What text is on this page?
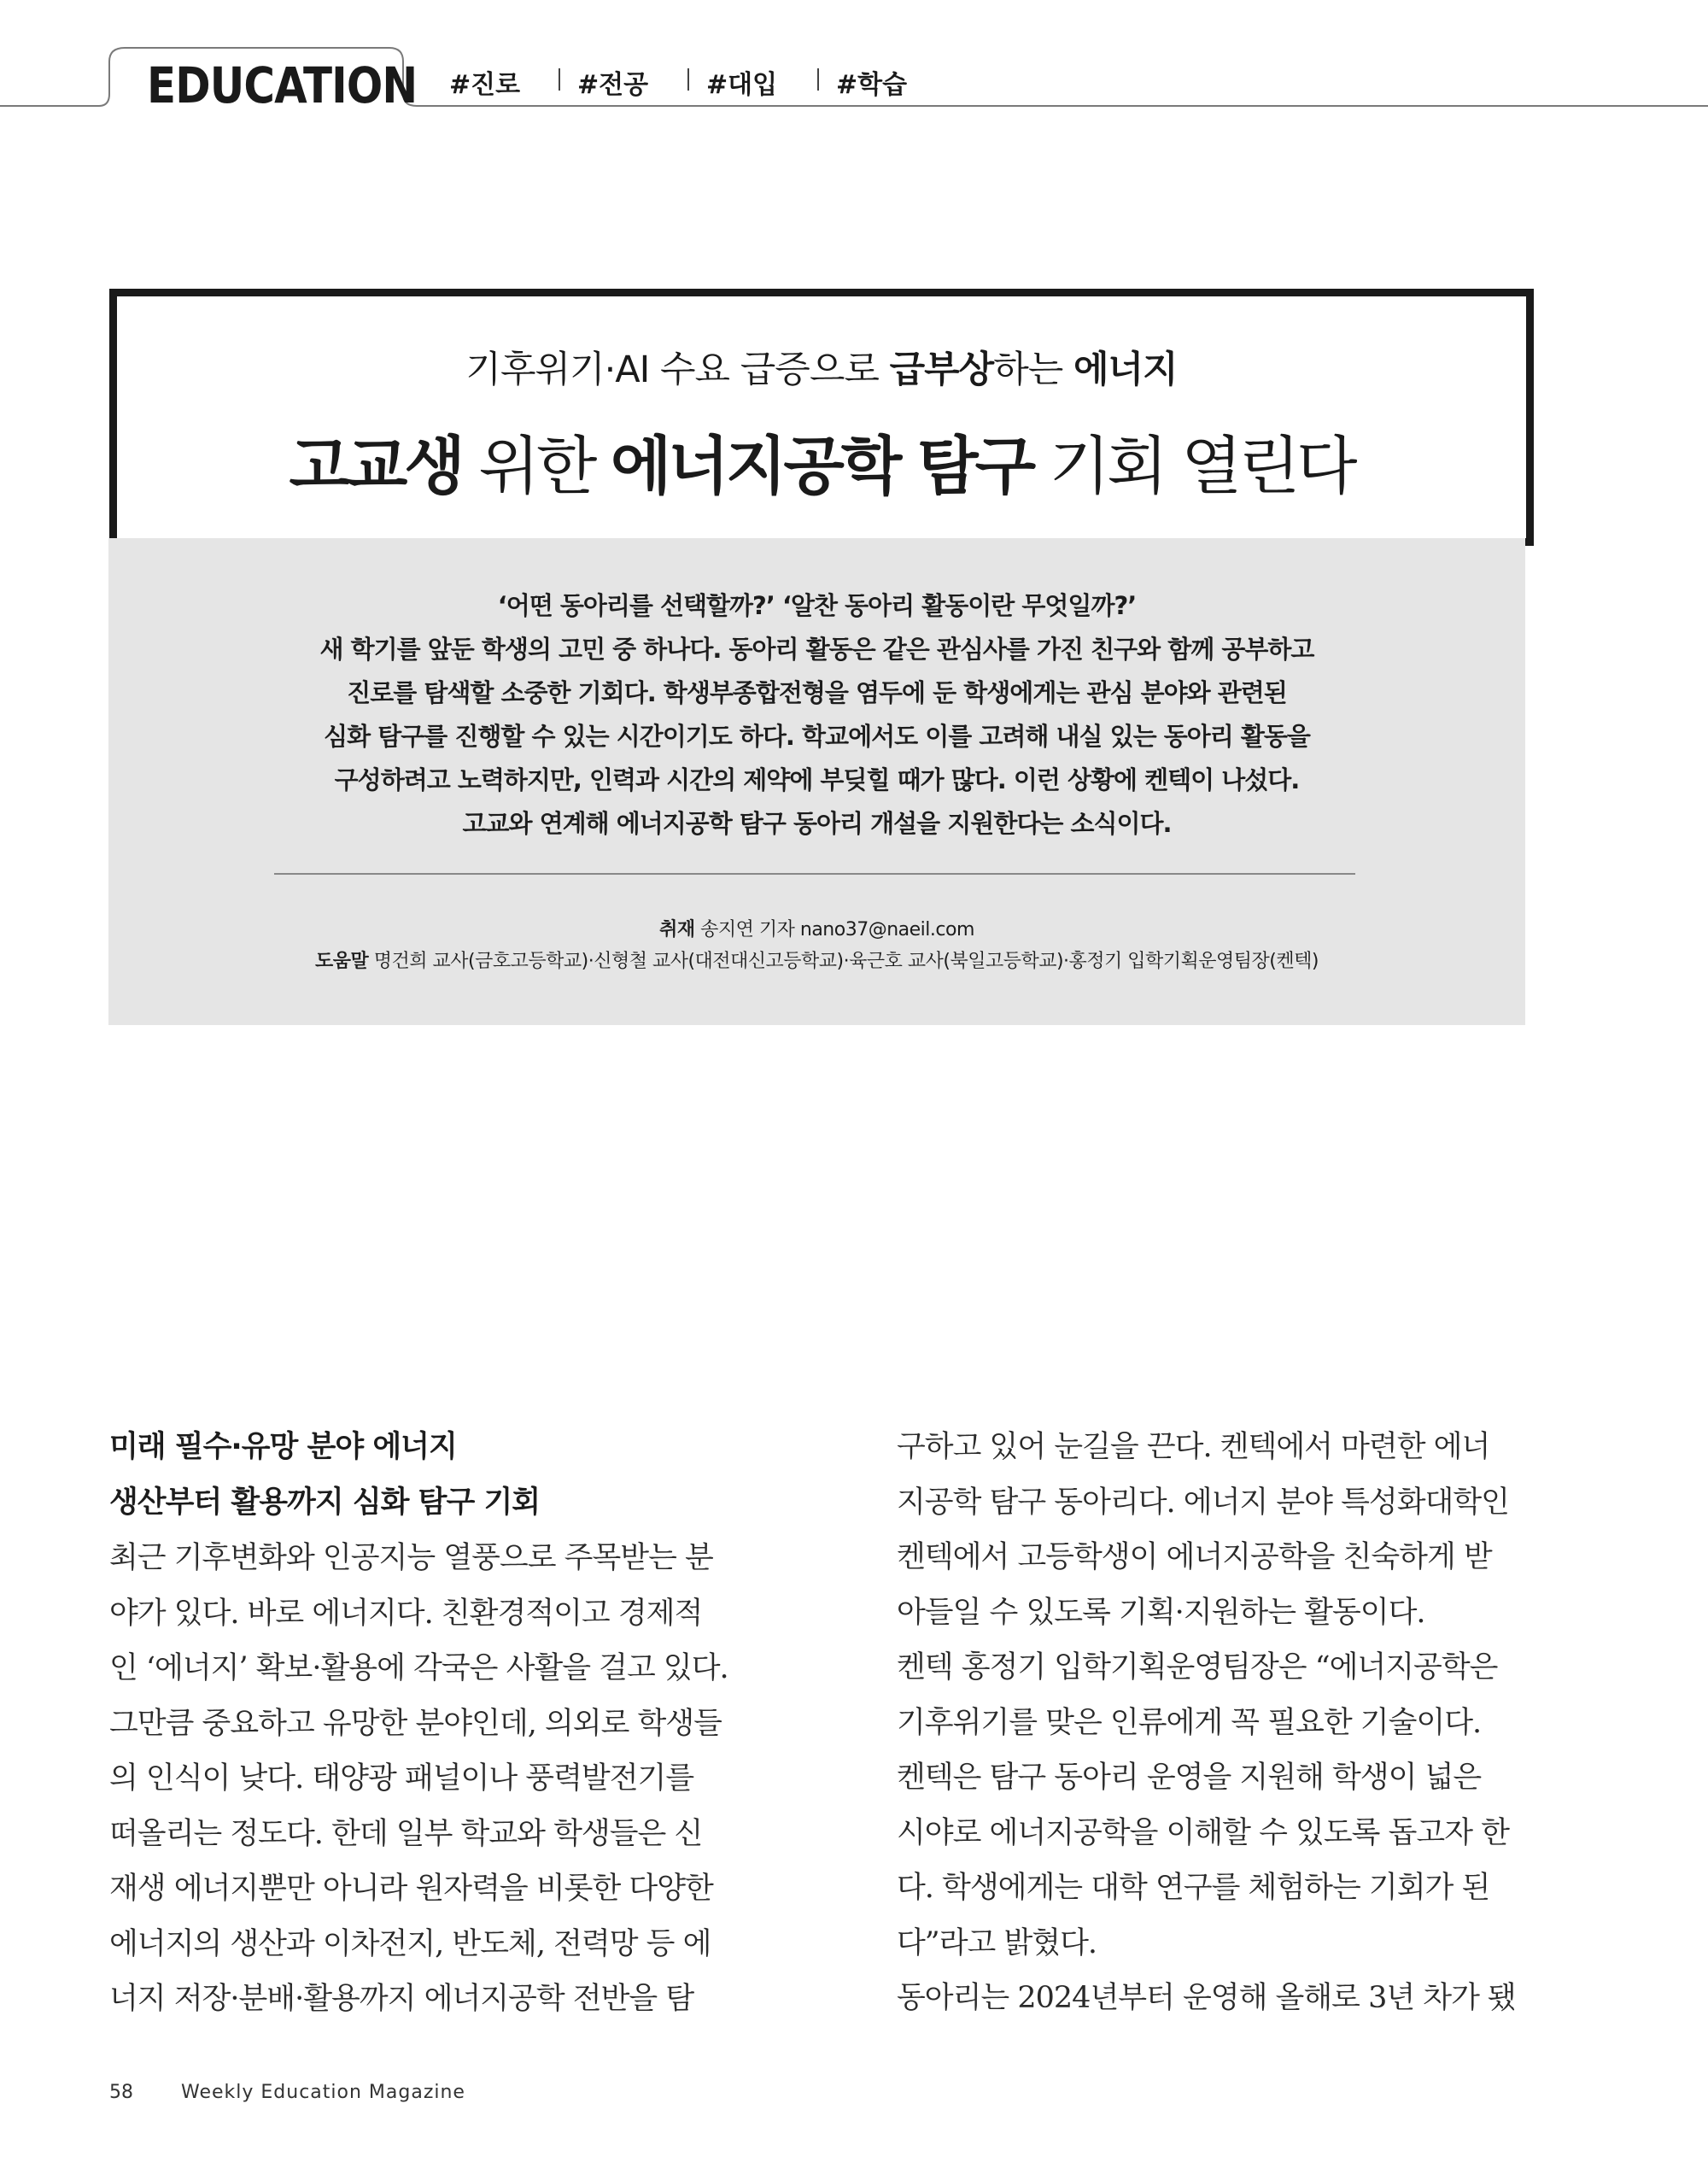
EDUCATION #진로 #전공 #대입 #학습
기후위기·AI 수요 급증으로 급부상하는 에너지
고교생 위한 에너지공학 탐구 기회 열린다
‘어떤 동아리를 선택할까?’ ‘알찬 동아리 활동이란 무엇일까?’
새 학기를 앞둔 학생의 고민 중 하나다. 동아리 활동은 같은 관심사를 가진 친구와 함께 공부하고
진로를 탐색할 소중한 기회다. 학생부종합전형을 염두에 둔 학생에게는 관심 분야와 관련된
심화 탐구를 진행할 수 있는 시간이기도 하다. 학교에서도 이를 고려해 내실 있는 동아리 활동을
구성하려고 노력하지만, 인력과 시간의 제약에 부딪힐 때가 많다. 이런 상황에 켄텍이 나섰다.
고교와 연계해 에너지공학 탐구 동아리 개설을 지원한다는 소식이다.
취재 송지연 기자 nano37@naeil.com
도움말 명건희 교사(금호고등학교)·신형철 교사(대전대신고등학교)·육근호 교사(북일고등학교)·홍정기 입학기획운영팀장(켄텍)
미래 필수·유망 분야 에너지
생산부터 활용까지 심화 탐구 기회
최근 기후변화와 인공지능 열풍으로 주목받는 분
야가 있다. 바로 에너지다. 친환경적이고 경제적
인 ‘에너지’ 확보·활용에 각국은 사활을 걸고 있다.
그만큼 중요하고 유망한 분야인데, 의외로 학생들
의 인식이 낮다. 태양광 패널이나 풍력발전기를
떠올리는 정도다. 한데 일부 학교와 학생들은 신
재생 에너지뿐만 아니라 원자력을 비롯한 다양한
에너지의 생산과 이차전지, 반도체, 전력망 등 에
너지 저장·분배·활용까지 에너지공학 전반을 탐
구하고 있어 눈길을 끈다. 켄텍에서 마련한 에너
지공학 탐구 동아리다. 에너지 분야 특성화대학인
켄텍에서 고등학생이 에너지공학을 친숙하게 받
아들일 수 있도록 기획·지원하는 활동이다.
켄텍 홍정기 입학기획운영팀장은 “에너지공학은
기후위기를 맞은 인류에게 꼭 필요한 기술이다.
켄텍은 탐구 동아리 운영을 지원해 학생이 넓은
시야로 에너지공학을 이해할 수 있도록 돕고자 한
다. 학생에게는 대학 연구를 체험하는 기회가 된
다”라고 밝혔다.
동아리는 2024년부터 운영해 올해로 3년 차가 됐
58	Weekly Education Magazine
